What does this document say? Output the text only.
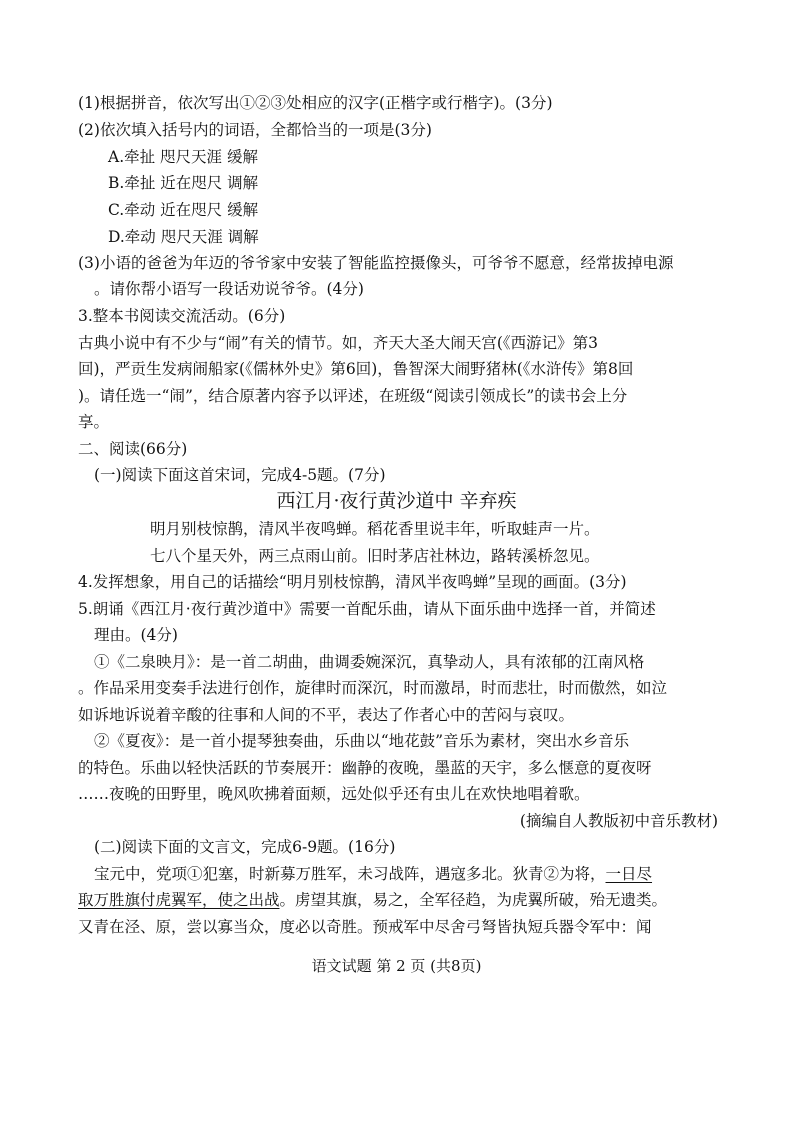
(1)根据拼音，依次写出①②③处相应的汉字(正楷字或行楷字)。(3分)
(2)依次填入括号内的词语，全都恰当的一项是(3分)
A.牵扯 咫尺天涯 缓解
B.牵扯 近在咫尺 调解
C.牵动 近在咫尺 缓解
D.牵动 咫尺天涯 调解
(3)小语的爸爸为年迈的爷爷家中安装了智能监控摄像头，可爷爷不愿意，经常拔掉电源
。请你帮小语写一段话劝说爷爷。(4分)
3.整本书阅读交流活动。(6分)
古典小说中有不少与“闹”有关的情节。如，齐天大圣大闹天宫(《西游记》第3
回)，严贡生发病闹船家(《儒林外史》第6回)，鲁智深大闹野猪林(《水浒传》第8回
)。请任选一“闹”，结合原著内容予以评述，在班级“阅读引领成长”的读书会上分
享。
二、阅读(66分)
(一)阅读下面这首宋词，完成4-5题。(7分)
西江月·夜行黄沙道中 辛弃疾
明月别枝惊鹊，清风半夜鸣蝉。稻花香里说丰年，听取蛙声一片。
七八个星天外，两三点雨山前。旧时茅店社林边，路转溪桥忽见。
4.发挥想象，用自己的话描绘“明月别枝惊鹊，清风半夜鸣蝉”呈现的画面。(3分)
5.朗诵《西江月·夜行黄沙道中》需要一首配乐曲，请从下面乐曲中选择一首，并简述
理由。(4分)
①《二泉映月》：是一首二胡曲，曲调委婉深沉，真挚动人，具有浓郁的江南风格
。作品采用变奏手法进行创作，旋律时而深沉，时而激昂，时而悲壮，时而傲然，如泣
如诉地诉说着辛酸的往事和人间的不平，表达了作者心中的苦闷与哀叹。
②《夏夜》：是一首小提琴独奏曲，乐曲以“地花鼓”音乐为素材，突出水乡音乐
的特色。乐曲以轻快活跃的节奏展开：幽静的夜晚，墨蓝的天宇，多么惬意的夏夜呀
……夜晚的田野里，晚风吹拂着面颊，远处似乎还有虫儿在欢快地唱着歌。
(摘编自人教版初中音乐教材)
(二)阅读下面的文言文，完成6-9题。(16分)
宝元中，党项①犯塞，时新募万胜军，未习战阵，遇寇多北。狄青②为将，一日尽
取万胜旗付虎翼军，使之出战。虏望其旗，易之，全军径趋，为虎翼所破，殆无遗类。
又青在泾、原，尝以寡当众，度必以奇胜。预戒军中尽舍弓弩皆执短兵器令军中：闻
语文试题 第 2 页 (共8页)
